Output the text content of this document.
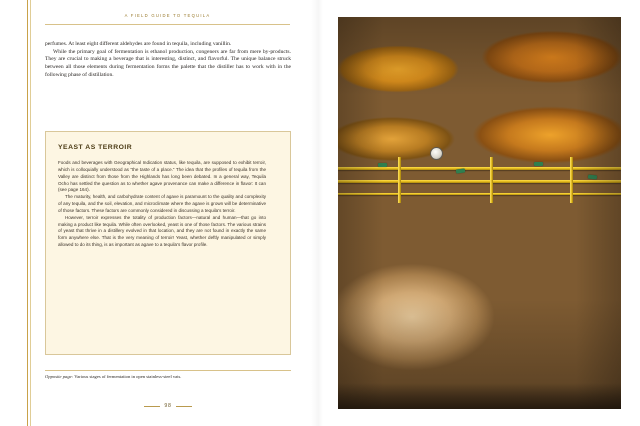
A FIELD GUIDE TO TEQUILA

perfumes. At least eight different aldehydes are found in tequila, including vanillin.

While the primary goal of fermentation is ethanol production, congeners are far from mere by-products. They are crucial to making a beverage that is interesting, distinct, and flavorful. The unique balance struck between all those elements during fermentation forms the palette that the distiller has to work with in the following phase of distillation.

YEAST AS TERROIR

Foods and beverages with Geographical Indication status, like tequila, are supposed to exhibit terroir, which is colloquially understood as “the taste of a place.” The idea that the profiles of tequila from the Valley are distinct from those from the Highlands has long been debated. In a general way, Tequila Ocho has settled the question as to whether agave provenance can make a difference in flavor: It can (see page 164).

The maturity, health, and carbohydrate content of agave is paramount to the quality and complexity of any tequila, and the soil, elevation, and microclimate where the agave is grown will be determinative of those factors. These factors are commonly considered in discussing a tequila’s terroir.

However, terroir expresses the totality of production factors—natural and human—that go into making a product like tequila. While often overlooked, yeast is one of those factors. The various strains of yeast that thrive in a distillery evolved in that location, and they are not found in exactly the same form anywhere else. That is the very meaning of terroir! Yeast, whether deftly manipulated or simply allowed to do its thing, is as important as agave to a tequila’s flavor profile.

Opposite page: Various stages of fermentation in open stainless-steel vats.
98
